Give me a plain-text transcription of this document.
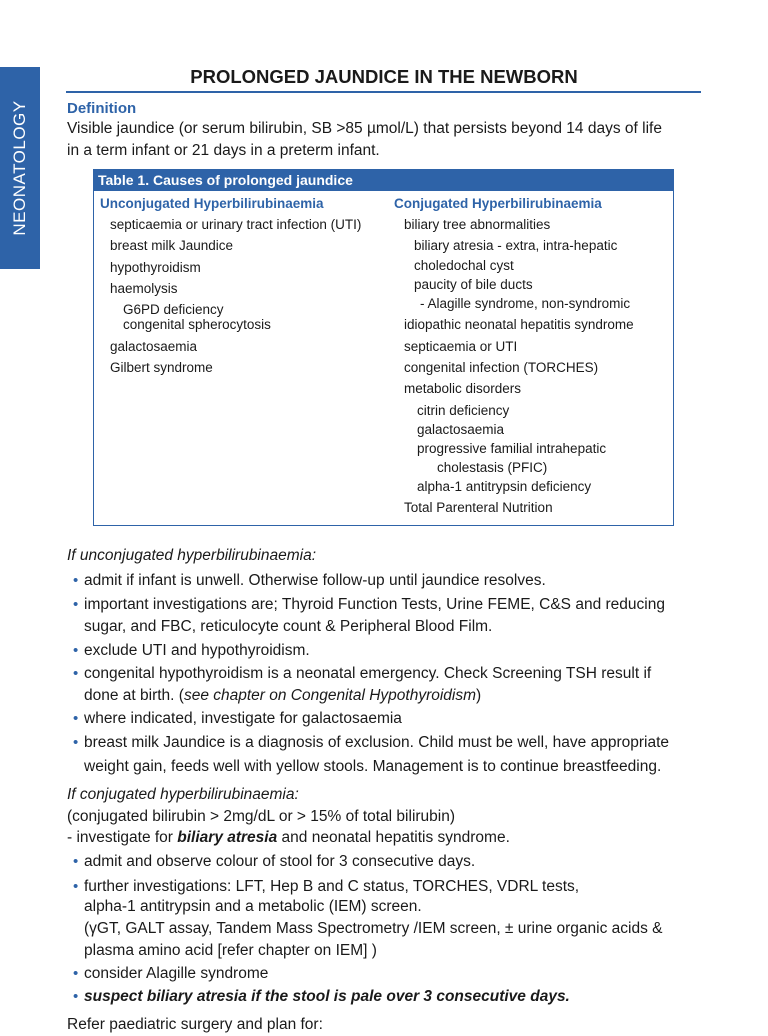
NEONATOLOGY
PROLONGED JAUNDICE IN THE NEWBORN
Definition
Visible jaundice (or serum bilirubin, SB >85 µmol/L) that persists beyond 14 days of life
in a term infant or 21 days in a preterm infant.
Table 1. Causes of prolonged jaundice
Unconjugated Hyperbilirubinaemia
septicaemia or urinary tract infection (UTI)
breast milk Jaundice
hypothyroidism
haemolysis
G6PD deficiency
congenital spherocytosis
galactosaemia
Gilbert syndrome
Conjugated Hyperbilirubinaemia
biliary tree abnormalities
biliary atresia - extra, intra-hepatic
choledochal cyst
paucity of bile ducts
- Alagille syndrome, non-syndromic
idiopathic neonatal hepatitis syndrome
septicaemia or UTI
congenital infection (TORCHES)
metabolic disorders
citrin deficiency
galactosaemia
progressive familial intrahepatic
cholestasis (PFIC)
alpha-1 antitrypsin deficiency
Total Parenteral Nutrition
If unconjugated hyperbilirubinaemia:
• admit if infant is unwell. Otherwise follow-up until jaundice resolves.
• important investigations are; Thyroid Function Tests, Urine FEME, C&S and reducing
sugar, and FBC, reticulocyte count & Peripheral Blood Film.
• exclude UTI and hypothyroidism.
• congenital hypothyroidism is a neonatal emergency. Check Screening TSH result if
done at birth. (see chapter on Congenital Hypothyroidism)
• where indicated, investigate for galactosaemia
• breast milk Jaundice is a diagnosis of exclusion. Child must be well, have appropriate
weight gain, feeds well with yellow stools. Management is to continue breastfeeding.
If conjugated hyperbilirubinaemia:
(conjugated bilirubin > 2mg/dL or > 15% of total bilirubin)
- investigate for biliary atresia and neonatal hepatitis syndrome.
• admit and observe colour of stool for 3 consecutive days.
• further investigations: LFT, Hep B and C status, TORCHES, VDRL tests,
alpha-1 antitrypsin and a metabolic (IEM) screen.
(γGT, GALT assay, Tandem Mass Spectrometry /IEM screen, ± urine organic acids &
plasma amino acid [refer chapter on IEM] )
• consider Alagille syndrome
• suspect biliary atresia if the stool is pale over 3 consecutive days.
Refer paediatric surgery and plan for:
